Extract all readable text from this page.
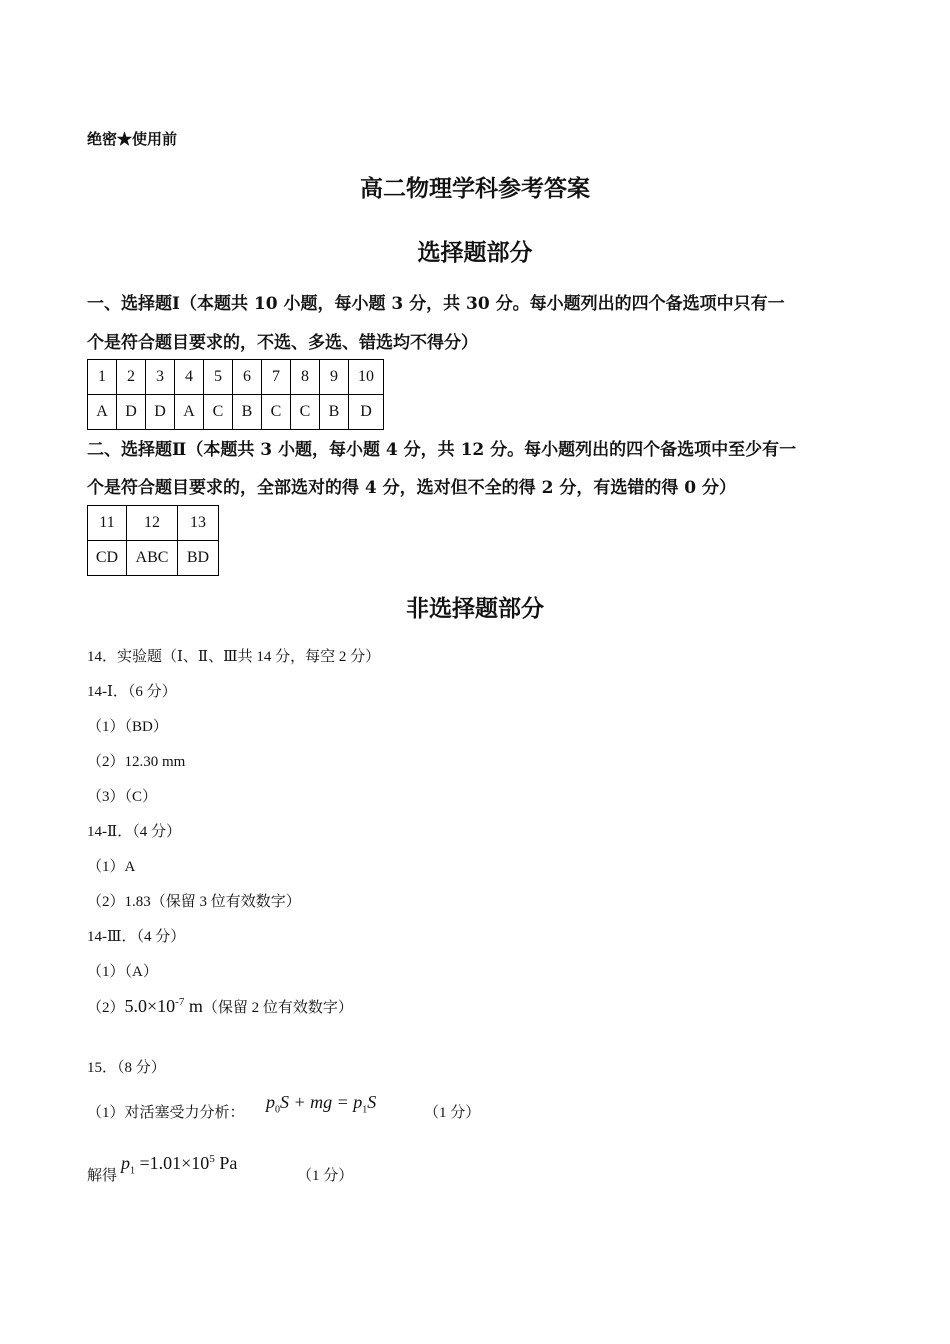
绝密★使用前
高二物理学科参考答案
选择题部分
一、选择题Ⅰ（本题共 10 小题，每小题 3 分，共 30 分。每小题列出的四个备选项中只有一
个是符合题目要求的，不选、多选、错选均不得分）
1	2	3	4	5	6	7	8	9	10
A	D	D	A	C	B	C	C	B	D
二、选择题Ⅱ（本题共 3 小题，每小题 4 分，共 12 分。每小题列出的四个备选项中至少有一
个是符合题目要求的，全部选对的得 4 分，选对但不全的得 2 分，有选错的得 0 分）
11	12	13
CD	ABC	BD
非选择题部分
14．实验题（Ⅰ、Ⅱ、Ⅲ共 14 分，每空 2 分）
14-Ⅰ．（6 分）
（1）（BD）
（2）12.30 mm
（3）（C）
14-Ⅱ．（4 分）
（1）A
（2）1.83（保留 3 位有效数字）
14-Ⅲ．（4 分）
（1）（A）
$(2)5.0\times 10^{-7}$ m（保留 2 位有效数字）
15．（8 分）
（1）对活塞受力分析：
$p_0S$ + mg = $p_1S$
（1 分）
解得
$p_1 =1.01\times 10^5$ Pa
（1 分）
